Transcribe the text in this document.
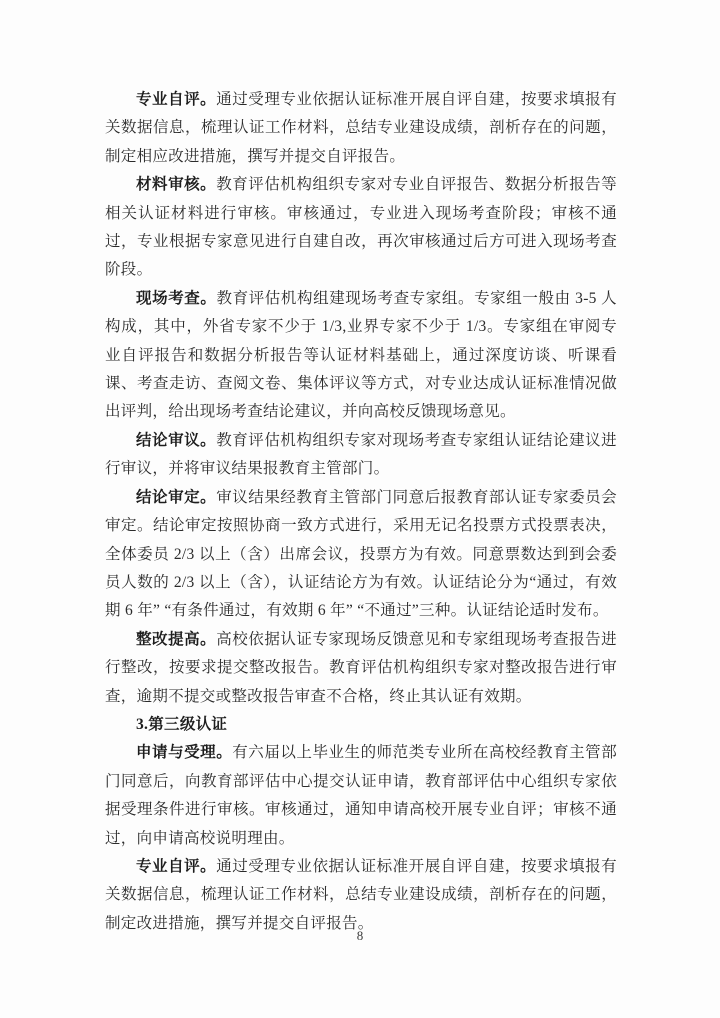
专业自评。通过受理专业依据认证标准开展自评自建，按要求填报有关数据信息，梳理认证工作材料，总结专业建设成绩，剖析存在的问题，制定相应改进措施，撰写并提交自评报告。

材料审核。教育评估机构组织专家对专业自评报告、数据分析报告等相关认证材料进行审核。审核通过，专业进入现场考查阶段；审核不通过，专业根据专家意见进行自建自改，再次审核通过后方可进入现场考查阶段。

现场考查。教育评估机构组建现场考查专家组。专家组一般由 3-5 人构成，其中，外省专家不少于 1/3,业界专家不少于 1/3。专家组在审阅专业自评报告和数据分析报告等认证材料基础上，通过深度访谈、听课看课、考查走访、查阅文卷、集体评议等方式，对专业达成认证标准情况做出评判，给出现场考查结论建议，并向高校反馈现场意见。

结论审议。教育评估机构组织专家对现场考查专家组认证结论建议进行审议，并将审议结果报教育主管部门。

结论审定。审议结果经教育主管部门同意后报教育部认证专家委员会审定。结论审定按照协商一致方式进行，采用无记名投票方式投票表决，全体委员 2/3 以上（含）出席会议，投票方为有效。同意票数达到到会委员人数的 2/3 以上（含），认证结论方为有效。认证结论分为“通过，有效期 6 年” “有条件通过，有效期 6 年” “不通过”三种。认证结论适时发布。

整改提高。高校依据认证专家现场反馈意见和专家组现场考查报告进行整改，按要求提交整改报告。教育评估机构组织专家对整改报告进行审查，逾期不提交或整改报告审查不合格，终止其认证有效期。

3.第三级认证

申请与受理。有六届以上毕业生的师范类专业所在高校经教育主管部门同意后，向教育部评估中心提交认证申请，教育部评估中心组织专家依据受理条件进行审核。审核通过，通知申请高校开展专业自评；审核不通过，向申请高校说明理由。

专业自评。通过受理专业依据认证标准开展自评自建，按要求填报有关数据信息，梳理认证工作材料，总结专业建设成绩，剖析存在的问题，制定改进措施，撰写并提交自评报告。

8
